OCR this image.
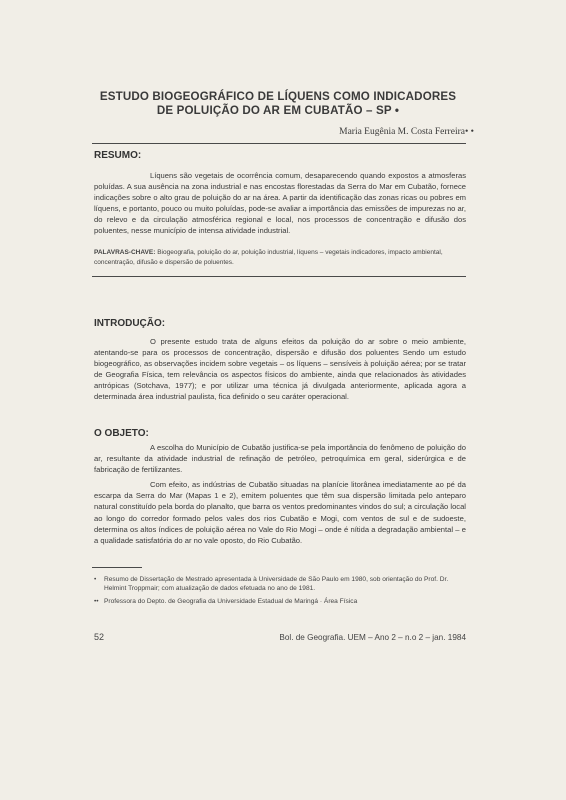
ESTUDO BIOGEOGRÁFICO DE LÍQUENS COMO INDICADORES
DE POLUIÇÃO DO AR EM CUBATÃO – SP •
Maria Eugênia M. Costa Ferreira• •
RESUMO:

Líquens são vegetais de ocorrência comum, desaparecendo quando expostos a atmosferas poluídas. A sua ausência na zona industrial e nas encostas florestadas da Serra do Mar em Cubatão, fornece indicações sobre o alto grau de poluição do ar na área. A partir da identificação das zonas ricas ou pobres em líquens, e portanto, pouco ou muito poluídas, pode-se avaliar a importância das emissões de impurezas no ar, do relevo e da circulação atmosférica regional e local, nos processos de concentração e difusão dos poluentes, nesse município de intensa atividade industrial.

PALAVRAS-CHAVE: Biogeografia, poluição do ar, poluição industrial, líquens – vegetais indicadores, impacto ambiental, concentração, difusão e dispersão de poluentes.
INTRODUÇÃO:

O presente estudo trata de alguns efeitos da poluição do ar sobre o meio ambiente, atentando-se para os processos de concentração, dispersão e difusão dos poluentes Sendo um estudo biogeográfico, as observações incidem sobre vegetais – os líquens – sensíveis à poluição aérea; por se tratar de Geografia Física, tem relevância os aspectos físicos do ambiente, ainda que relacionados às atividades antrópicas (Sotchava, 1977); e por utilizar uma técnica já divulgada anteriormente, aplicada agora a determinada área industrial paulista, fica definido o seu caráter operacional.

O OBJETO:

A escolha do Município de Cubatão justifica-se pela importância do fenômeno de poluição do ar, resultante da atividade industrial de refinação de petróleo, petroquímica em geral, siderúrgica e de fabricação de fertilizantes.

Com efeito, as indústrias de Cubatão situadas na planície litorânea imediatamente ao pé da escarpa da Serra do Mar (Mapas 1 e 2), emitem poluentes que têm sua dispersão limitada pelo anteparo natural constituído pela borda do planalto, que barra os ventos predominantes vindos do sul; a circulação local ao longo do corredor formado pelos vales dos rios Cubatão e Mogi, com ventos de sul e de sudoeste, determina os altos índices de poluição aérea no Vale do Rio Mogi – onde é nítida a degradação ambiental – e a qualidade satisfatória do ar no vale oposto, do Rio Cubatão.

• Resumo de Dissertação de Mestrado apresentada à Universidade de São Paulo em 1980, sob orientação do Prof. Dr. Helmint Troppmair; com atualização de dados efetuada no ano de 1981.
•• Professora do Depto. de Geografia da Universidade Estadual de Maringá · Área Física
52	Bol. de Geografia. UEM – Ano 2 – n.o 2 – jan. 1984
